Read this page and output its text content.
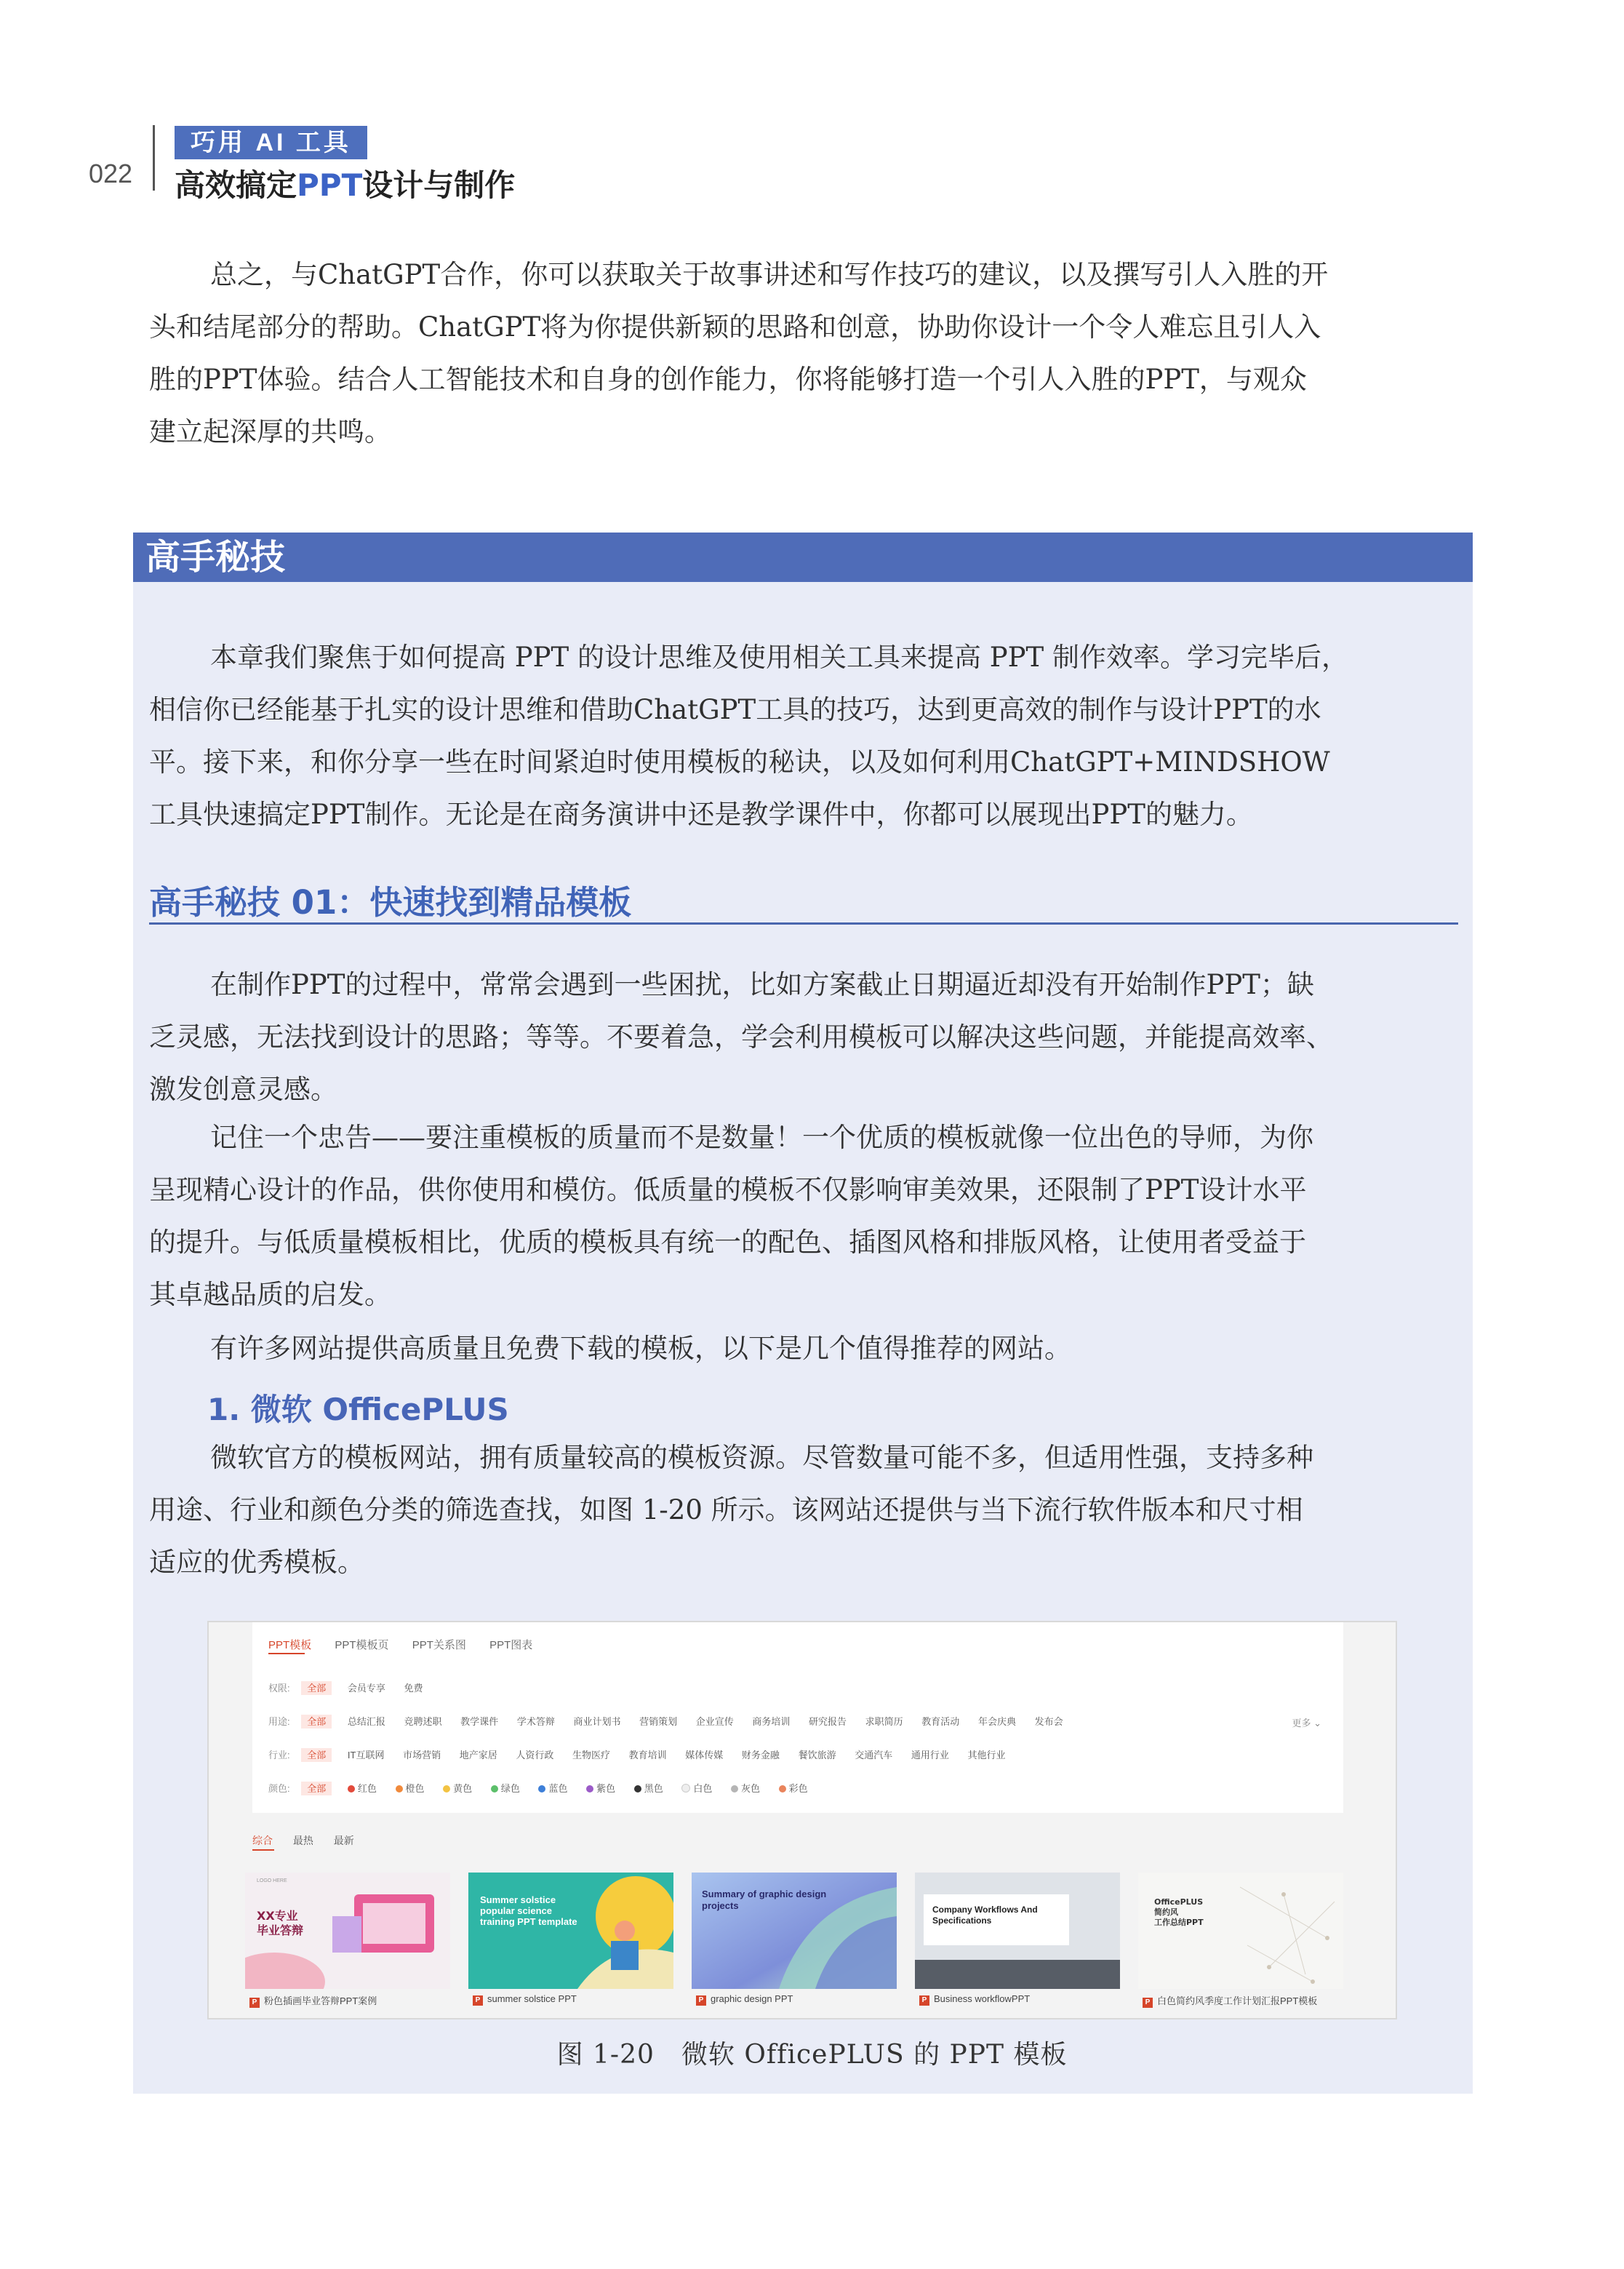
022
巧用 AI 工具
高效搞定PPT设计与制作
总之，与ChatGPT合作，你可以获取关于故事讲述和写作技巧的建议，以及撰写引人入胜的开
头和结尾部分的帮助。ChatGPT将为你提供新颖的思路和创意，协助你设计一个令人难忘且引人入
胜的PPT体验。结合人工智能技术和自身的创作能力，你将能够打造一个引人入胜的PPT，与观众
建立起深厚的共鸣。
高手秘技
本章我们聚焦于如何提高 PPT 的设计思维及使用相关工具来提高 PPT 制作效率。学习完毕后，
相信你已经能基于扎实的设计思维和借助ChatGPT工具的技巧，达到更高效的制作与设计PPT的水
平。接下来，和你分享一些在时间紧迫时使用模板的秘诀，以及如何利用ChatGPT+MINDSHOW
工具快速搞定PPT制作。无论是在商务演讲中还是教学课件中，你都可以展现出PPT的魅力。
高手秘技 01：快速找到精品模板
在制作PPT的过程中，常常会遇到一些困扰，比如方案截止日期逼近却没有开始制作PPT；缺
乏灵感，无法找到设计的思路；等等。不要着急，学会利用模板可以解决这些问题，并能提高效率、
激发创意灵感。
记住一个忠告——要注重模板的质量而不是数量！一个优质的模板就像一位出色的导师，为你
呈现精心设计的作品，供你使用和模仿。低质量的模板不仅影响审美效果，还限制了PPT设计水平
的提升。与低质量模板相比，优质的模板具有统一的配色、插图风格和排版风格，让使用者受益于
其卓越品质的启发。
有许多网站提供高质量且免费下载的模板，以下是几个值得推荐的网站。
1. 微软 OfficePLUS
微软官方的模板网站，拥有质量较高的模板资源。尽管数量可能不多，但适用性强，支持多种
用途、行业和颜色分类的筛选查找，如图 1-20 所示。该网站还提供与当下流行软件版本和尺寸相
适应的优秀模板。
PPT模板 PPT模板页 PPT关系图 PPT图表
权限: 全部 会员专享 免费
用途: 全部 总结汇报 竞聘述职 教学课件 学术答辩 商业计划书 营销策划 企业宣传 商务培训 研究报告 求职简历 教育活动 年会庆典 发布会	更多 ⌄
行业: 全部 IT互联网 市场营销 地产家居 人资行政 生物医疗 教育培训 媒体传媒 财务金融 餐饮旅游 交通汽车 通用行业 其他行业
颜色: 全部	红色	橙色	黄色	绿色	蓝色	紫色	黑色	白色	灰色	彩色
综合 最热 最新
LOGO HERE
XX专业
毕业答辩
Summer solstice
popular science
training PPT template
Summary of graphic design
projects	Company Workflows And
Specifications
OfficePLUS
简约风
工作总结PPT
P 粉色插画毕业答辩PPT案例	P summer solstice PPT	P graphic design PPT	P Business workflowPPT	P 白色简约风季度工作计划汇报PPT模板
图 1-20　微软 OfficePLUS 的 PPT 模板
